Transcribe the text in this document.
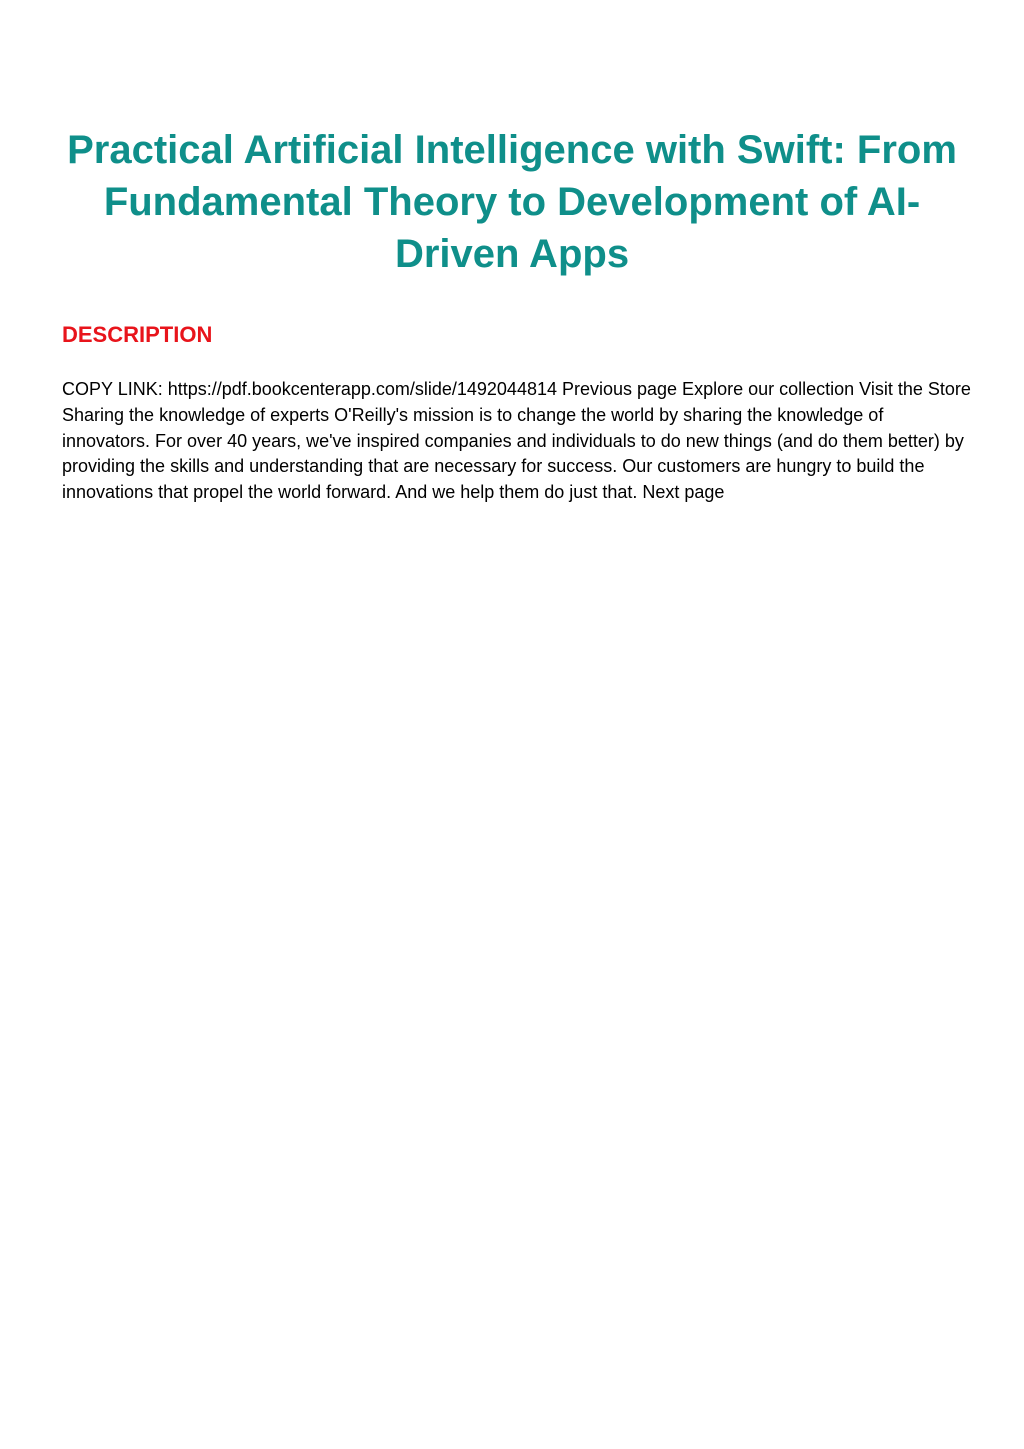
Practical Artificial Intelligence with Swift: From Fundamental Theory to Development of AI-Driven Apps
DESCRIPTION

COPY LINK: https://pdf.bookcenterapp.com/slide/1492044814 Previous page Explore our collection Visit the Store Sharing the knowledge of experts O'Reilly's mission is to change the world by sharing the knowledge of innovators. For over 40 years, we've inspired companies and individuals to do new things (and do them better) by providing the skills and understanding that are necessary for success. Our customers are hungry to build the innovations that propel the world forward. And we help them do just that. Next page
